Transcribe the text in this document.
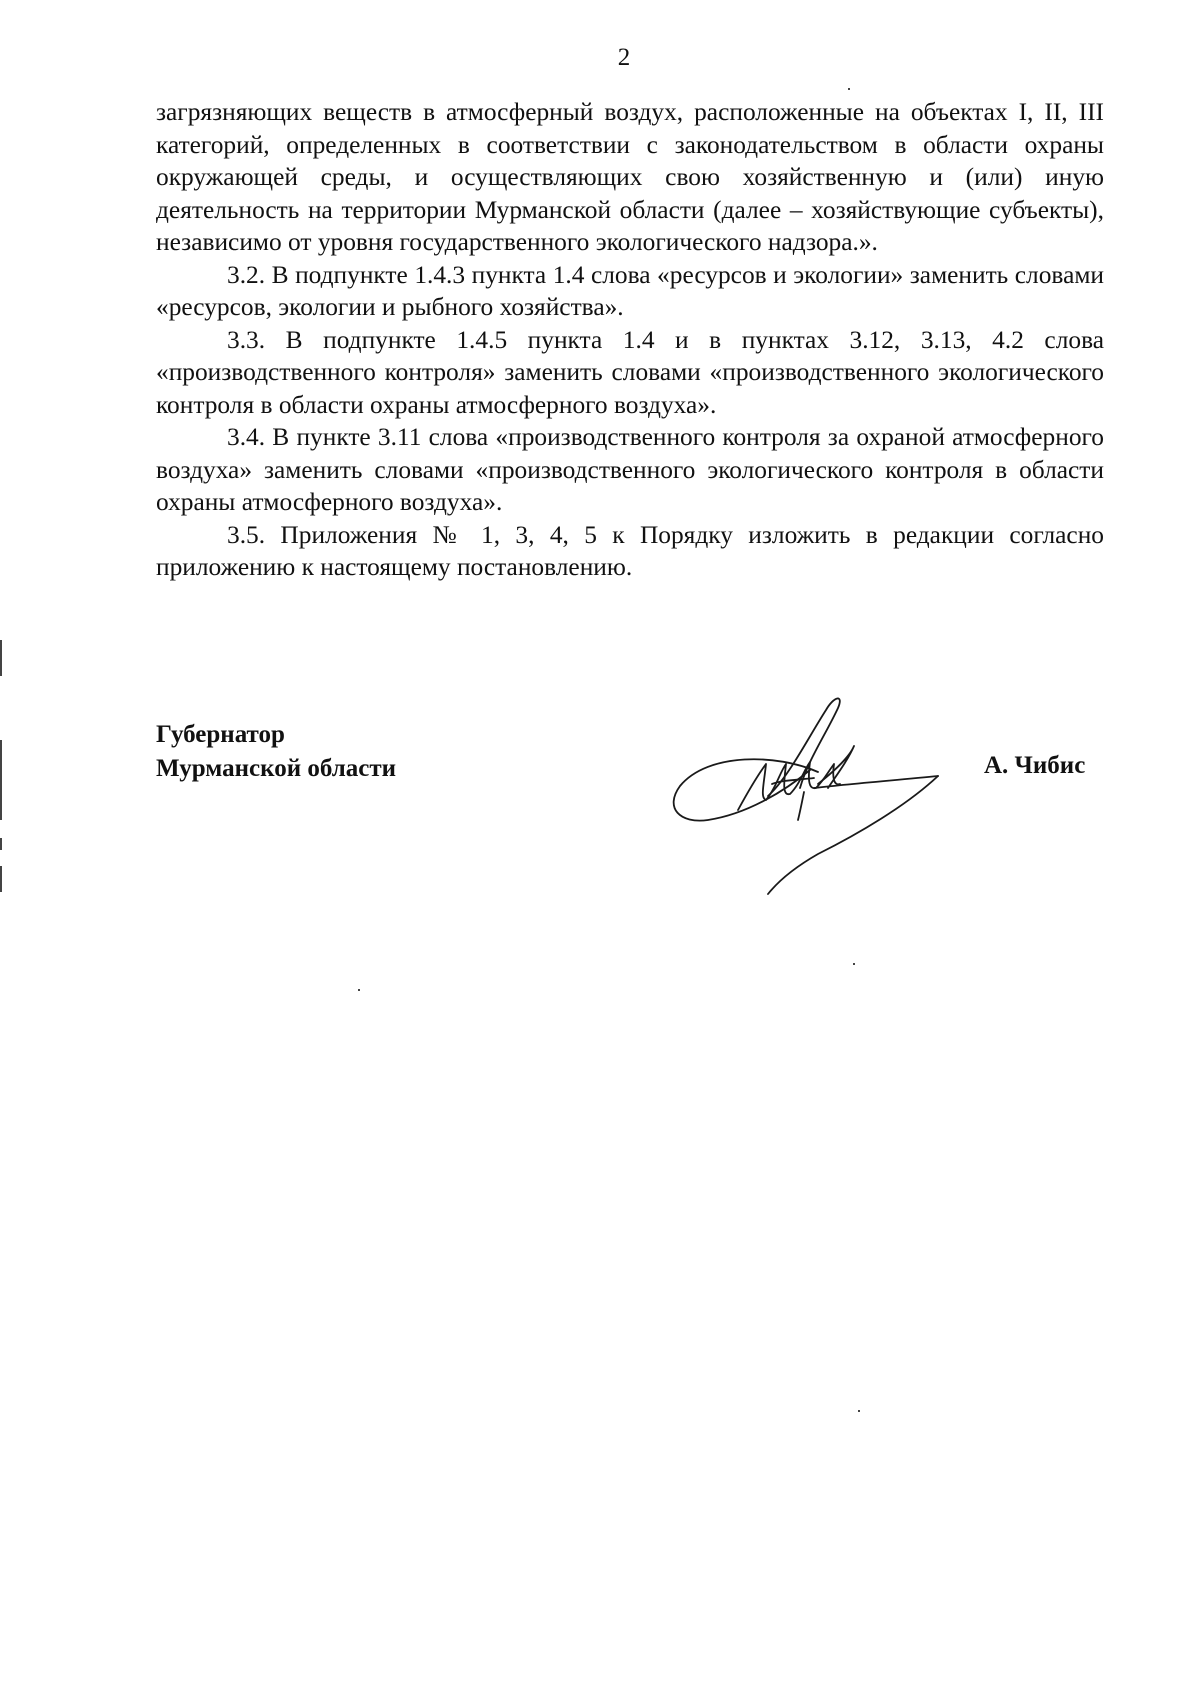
2

загрязняющих веществ в атмосферный воздух, расположенные на объектах I, II, III категорий, определенных в соответствии с законодательством в области охраны окружающей среды, и осуществляющих свою хозяйственную и (или) иную деятельность на территории Мурманской области (далее – хозяйствующие субъекты), независимо от уровня государственного экологического надзора.».

3.2. В подпункте 1.4.3 пункта 1.4 слова «ресурсов и экологии» заменить словами «ресурсов, экологии и рыбного хозяйства».

3.3. В подпункте 1.4.5 пункта 1.4 и в пунктах 3.12, 3.13, 4.2 слова «производственного контроля» заменить словами «производственного экологического контроля в области охраны атмосферного воздуха».

3.4. В пункте 3.11 слова «производственного контроля за охраной атмосферного воздуха» заменить словами «производственного экологического контроля в области охраны атмосферного воздуха».

3.5. Приложения № 1, 3, 4, 5 к Порядку изложить в редакции согласно приложению к настоящему постановлению.

Губернатор
Мурманской области	А. Чибис
